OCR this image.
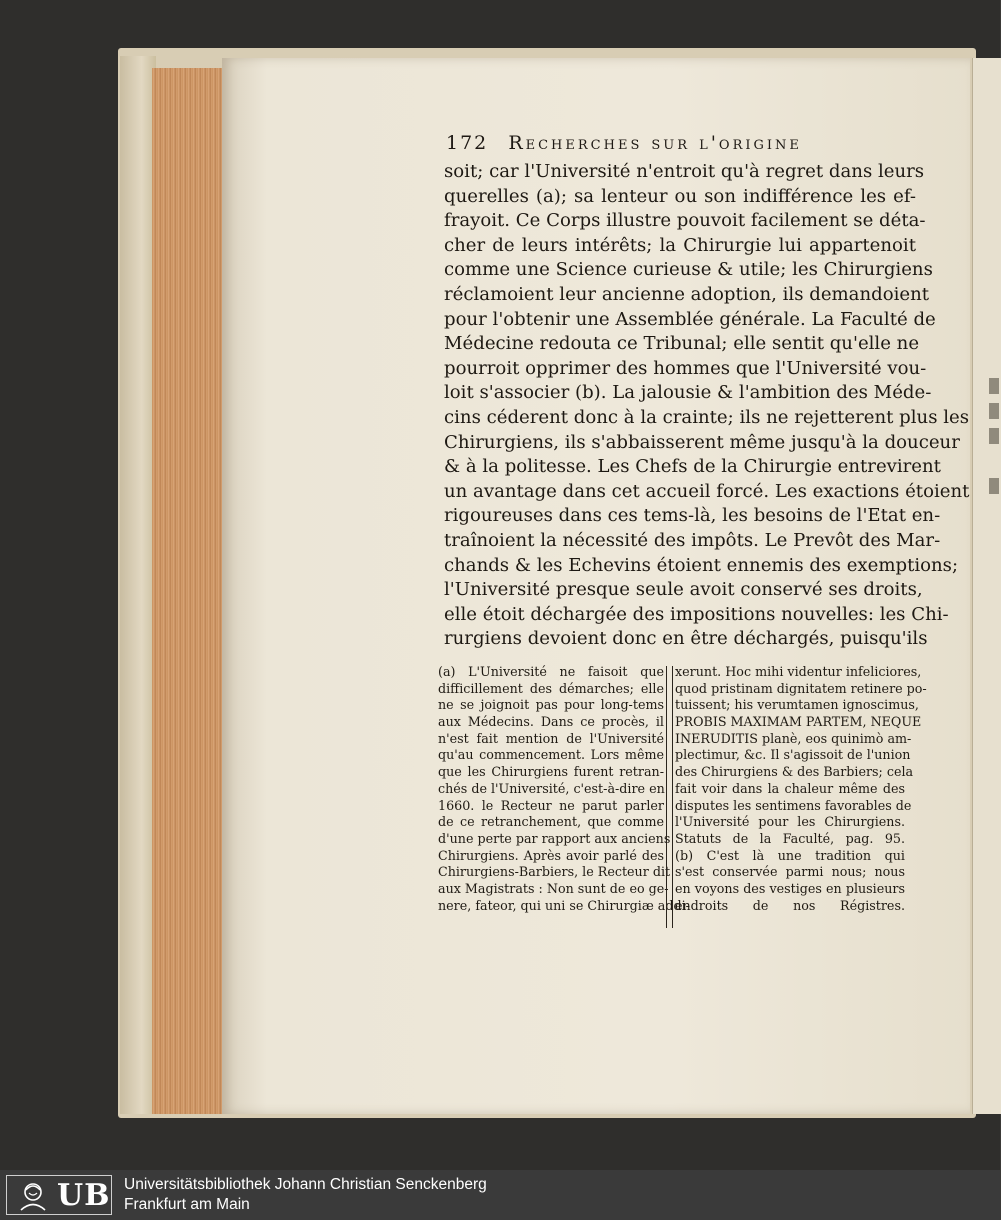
172 Recherches sur l'origine
soit; car l'Université n'entroit qu'à regret dans leurs
querelles (a); sa lenteur ou son indifférence les ef-
frayoit. Ce Corps illustre pouvoit facilement se déta-
cher de leurs intérêts; la Chirurgie lui appartenoit
comme une Science curieuse & utile; les Chirurgiens
réclamoient leur ancienne adoption, ils demandoient
pour l'obtenir une Assemblée générale. La Faculté de
Médecine redouta ce Tribunal; elle sentit qu'elle ne
pourroit opprimer des hommes que l'Université vou-
loit s'associer (b). La jalousie & l'ambition des Méde-
cins céderent donc à la crainte; ils ne rejetterent plus les
Chirurgiens, ils s'abbaisserent même jusqu'à la douceur
& à la politesse. Les Chefs de la Chirurgie entrevirent
un avantage dans cet accueil forcé. Les exactions étoient
rigoureuses dans ces tems-là, les besoins de l'Etat en-
traînoient la nécessité des impôts. Le Prevôt des Mar-
chands & les Echevins étoient ennemis des exemptions;
l'Université presque seule avoit conservé ses droits,
elle étoit déchargée des impositions nouvelles: les Chi-
rurgiens devoient donc en être déchargés, puisqu'ils
(a) L'Université ne faisoit que
difficillement des démarches; elle
ne se joignoit pas pour long-tems
aux Médecins. Dans ce procès, il
n'est fait mention de l'Université
qu'au commencement. Lors même
que les Chirurgiens furent retran-
chés de l'Université, c'est-à-dire en
1660. le Recteur ne parut parler
de ce retranchement, que comme
d'une perte par rapport aux anciens
Chirurgiens. Après avoir parlé des
Chirurgiens-Barbiers, le Recteur dit
aux Magistrats : Non sunt de eo ge-
nere, fateor, qui uni se Chirurgiæ addi-
xerunt. Hoc mihi videntur infeliciores,
quod pristinam dignitatem retinere po-
tuissent; his verumtamen ignoscimus,
PROBIS MAXIMAM PARTEM, NEQUE
INERUDITIS planè, eos quinimò am-
plectimur, &c. Il s'agissoit de l'union
des Chirurgiens & des Barbiers; cela
fait voir dans la chaleur même des
disputes les sentimens favorables de
l'Université pour les Chirurgiens.
Statuts de la Faculté, pag. 95.
(b) C'est là une tradition qui
s'est conservée parmi nous; nous
en voyons des vestiges en plusieurs
endroits de nos Régistres.
UB Universitätsbibliothek Johann Christian Senckenberg
Frankfurt am Main
